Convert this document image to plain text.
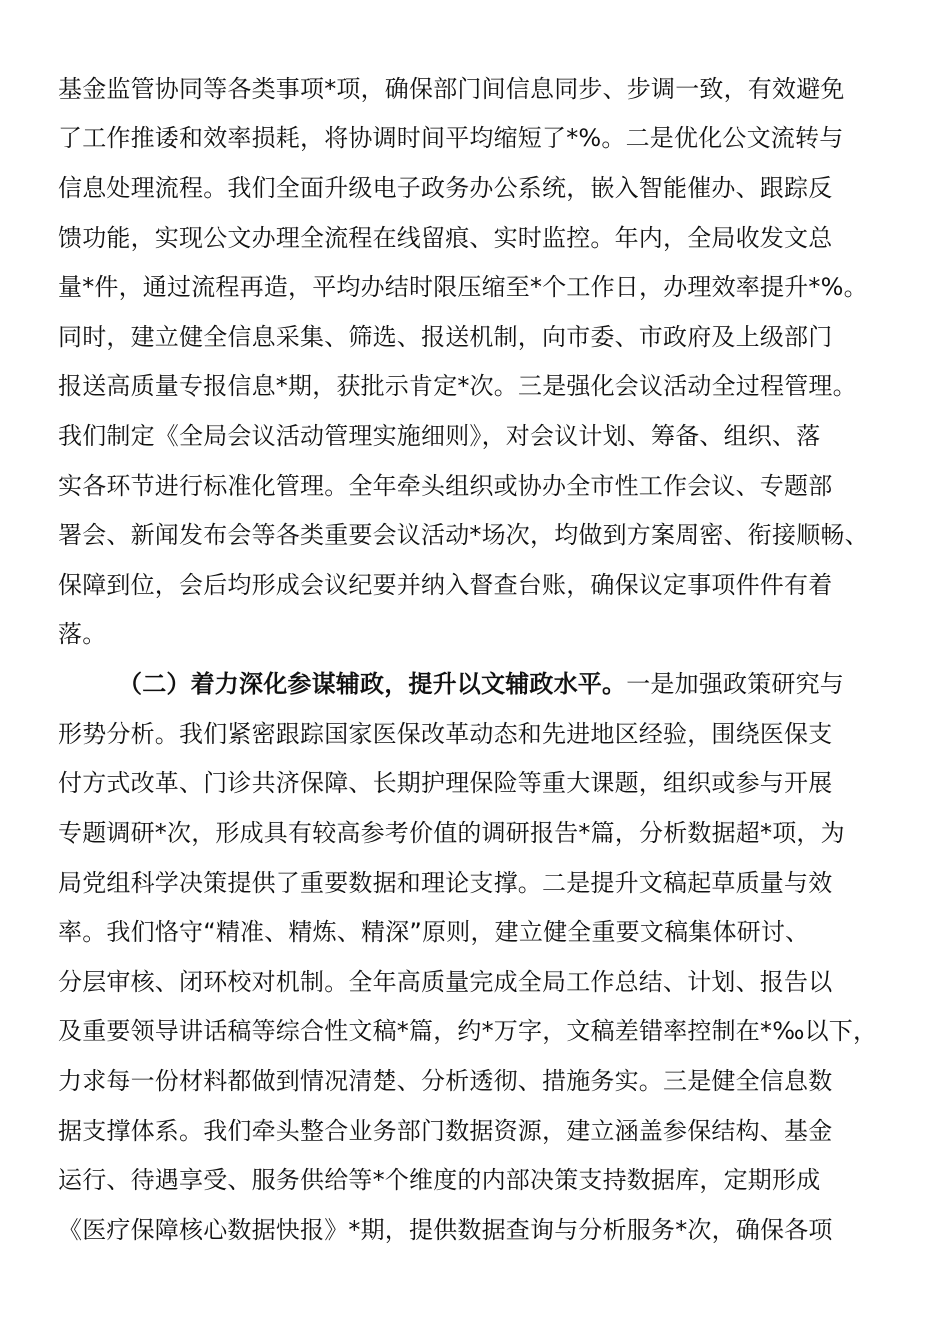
基金监管协同等各类事项*项，确保部门间信息同步、步调一致，有效避免
了工作推诿和效率损耗，将协调时间平均缩短了*%。二是优化公文流转与
信息处理流程。我们全面升级电子政务办公系统，嵌入智能催办、跟踪反
馈功能，实现公文办理全流程在线留痕、实时监控。年内，全局收发文总
量*件，通过流程再造，平均办结时限压缩至*个工作日，办理效率提升*%。
同时，建立健全信息采集、筛选、报送机制，向市委、市政府及上级部门
报送高质量专报信息*期，获批示肯定*次。三是强化会议活动全过程管理。
我们制定《全局会议活动管理实施细则》，对会议计划、筹备、组织、落
实各环节进行标准化管理。全年牵头组织或协办全市性工作会议、专题部
署会、新闻发布会等各类重要会议活动*场次，均做到方案周密、衔接顺畅、
保障到位，会后均形成会议纪要并纳入督查台账，确保议定事项件件有着
落。
（二）着力深化参谋辅政，提升以文辅政水平。一是加强政策研究与
形势分析。我们紧密跟踪国家医保改革动态和先进地区经验，围绕医保支
付方式改革、门诊共济保障、长期护理保险等重大课题，组织或参与开展
专题调研*次，形成具有较高参考价值的调研报告*篇，分析数据超*项，为
局党组科学决策提供了重要数据和理论支撑。二是提升文稿起草质量与效
率。我们恪守“精准、精炼、精深”原则，建立健全重要文稿集体研讨、
分层审核、闭环校对机制。全年高质量完成全局工作总结、计划、报告以
及重要领导讲话稿等综合性文稿*篇，约*万字，文稿差错率控制在*‰以下，
力求每一份材料都做到情况清楚、分析透彻、措施务实。三是健全信息数
据支撑体系。我们牵头整合业务部门数据资源，建立涵盖参保结构、基金
运行、待遇享受、服务供给等*个维度的内部决策支持数据库，定期形成
《医疗保障核心数据快报》*期，提供数据查询与分析服务*次，确保各项
